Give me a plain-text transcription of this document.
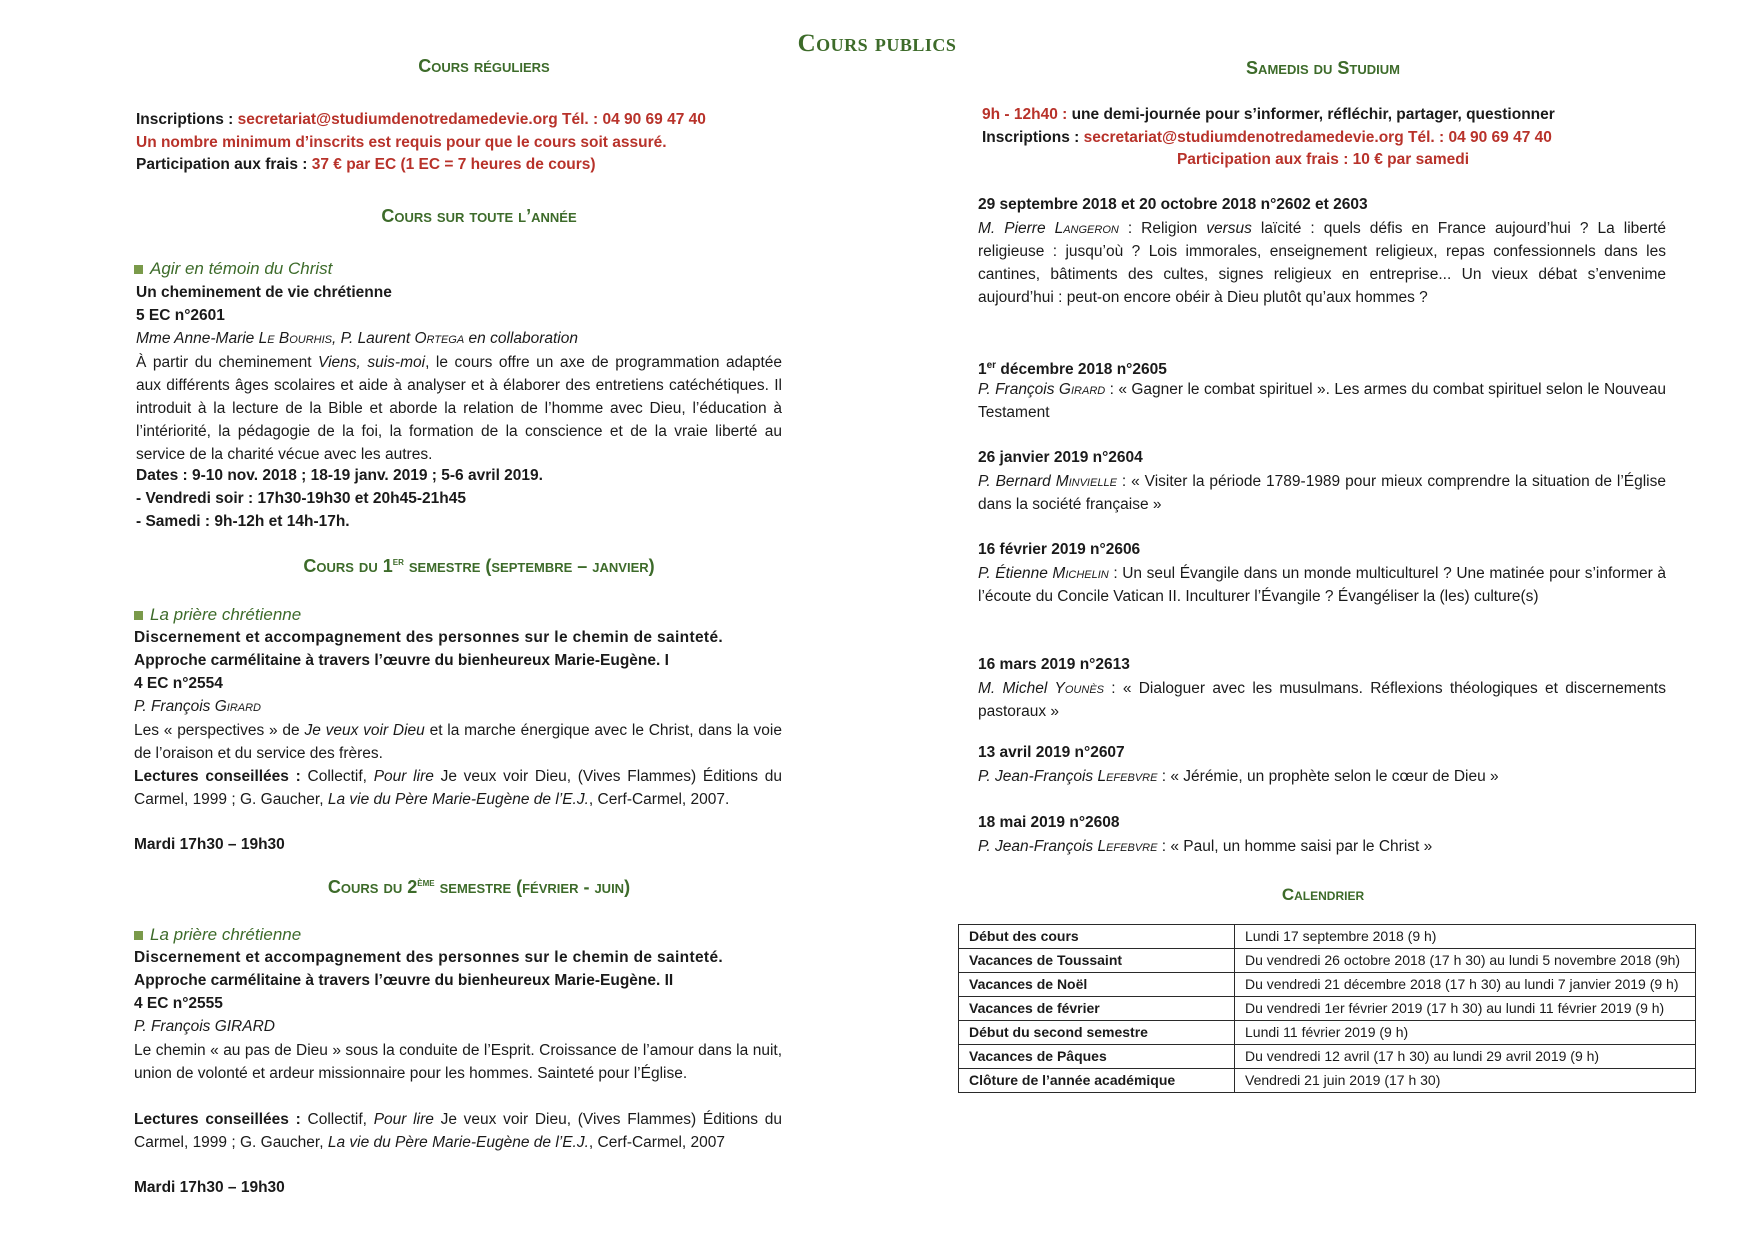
Cours publics
Cours réguliers
Inscriptions : secretariat@studiumdenotredamedevie.org Tél. : 04 90 69 47 40
Un nombre minimum d’inscrits est requis pour que le cours soit assuré.
Participation aux frais : 37 € par EC (1 EC = 7 heures de cours)
Cours sur toute l’année
Agir en témoin du Christ
Un cheminement de vie chrétienne
5 EC n°2601
Mme Anne-Marie Le Bourhis, P. Laurent Ortega en collaboration
À partir du cheminement Viens, suis-moi, le cours offre un axe de programmation adaptée aux différents âges scolaires et aide à analyser et à élaborer des entretiens catéchétiques. Il introduit à la lecture de la Bible et aborde la relation de l’homme avec Dieu, l’éducation à l’intériorité, la pédagogie de la foi, la formation de la conscience et de la vraie liberté au service de la charité vécue avec les autres.
Dates : 9-10 nov. 2018 ; 18-19 janv. 2019 ; 5-6 avril 2019.
- Vendredi soir : 17h30-19h30 et 20h45-21h45
- Samedi : 9h-12h et 14h-17h.
Cours du 1er semestre (septembre – janvier)
La prière chrétienne
Discernement et accompagnement des personnes sur le chemin de sainteté.
Approche carmélitaine à travers l’œuvre du bienheureux Marie-Eugène. I
4 EC n°2554
P. François Girard
Les « perspectives » de Je veux voir Dieu et la marche énergique avec le Christ, dans la voie de l’oraison et du service des frères.
Lectures conseillées : Collectif, Pour lire Je veux voir Dieu, (Vives Flammes) Éditions du Carmel, 1999 ; G. Gaucher, La vie du Père Marie-Eugène de l’E.J., Cerf-Carmel, 2007.
Mardi 17h30 – 19h30
Cours du 2ème semestre (février - juin)
La prière chrétienne
Discernement et accompagnement des personnes sur le chemin de sainteté.
Approche carmélitaine à travers l’œuvre du bienheureux Marie-Eugène. II
4 EC n°2555
P. François GIRARD
Le chemin « au pas de Dieu » sous la conduite de l’Esprit. Croissance de l’amour dans la nuit, union de volonté et ardeur missionnaire pour les hommes. Sainteté pour l’Église.
Lectures conseillées : Collectif, Pour lire Je veux voir Dieu, (Vives Flammes) Éditions du Carmel, 1999 ; G. Gaucher, La vie du Père Marie-Eugène de l’E.J., Cerf-Carmel, 2007
Mardi 17h30 – 19h30
Samedis du Studium
9h - 12h40 : une demi-journée pour s’informer, réfléchir, partager, questionner
Inscriptions : secretariat@studiumdenotredamedevie.org Tél. : 04 90 69 47 40
Participation aux frais : 10 € par samedi
29 septembre 2018 et 20 octobre 2018 n°2602 et 2603
M. Pierre Langeron : Religion versus laïcité : quels défis en France aujourd’hui ? La liberté religieuse : jusqu’où ? Lois immorales, enseignement religieux, repas confessionnels dans les cantines, bâtiments des cultes, signes religieux en entreprise... Un vieux débat s’envenime aujourd’hui : peut-on encore obéir à Dieu plutôt qu’aux hommes ?
1er décembre 2018 n°2605
P. François Girard : « Gagner le combat spirituel ». Les armes du combat spirituel selon le Nouveau Testament
26 janvier 2019 n°2604
P. Bernard Minvielle : « Visiter la période 1789-1989 pour mieux comprendre la situation de l’Église dans la société française »
16 février 2019 n°2606
P. Étienne Michelin : Un seul Évangile dans un monde multiculturel ? Une matinée pour s’informer à l’écoute du Concile Vatican II. Inculturer l’Évangile ? Évangéliser la (les) culture(s)
16 mars 2019 n°2613
M. Michel Younès : « Dialoguer avec les musulmans. Réflexions théologiques et discernements pastoraux »
13 avril 2019 n°2607
P. Jean-François Lefebvre : « Jérémie, un prophète selon le cœur de Dieu »
18 mai 2019 n°2608
P. Jean-François Lefebvre : « Paul, un homme saisi par le Christ »
Calendrier
Début des cours	Lundi 17 septembre 2018 (9 h)
Vacances de Toussaint	Du vendredi 26 octobre 2018 (17 h 30) au lundi 5 novembre 2018 (9h)
Vacances de Noël	Du vendredi 21 décembre 2018 (17 h 30) au lundi 7 janvier 2019 (9 h)
Vacances de février	Du vendredi 1er février 2019 (17 h 30) au lundi 11 février 2019 (9 h)
Début du second semestre	Lundi 11 février 2019 (9 h)
Vacances de Pâques	Du vendredi 12 avril (17 h 30) au lundi 29 avril 2019 (9 h)
Clôture de l’année académique	Vendredi 21 juin 2019 (17 h 30)
